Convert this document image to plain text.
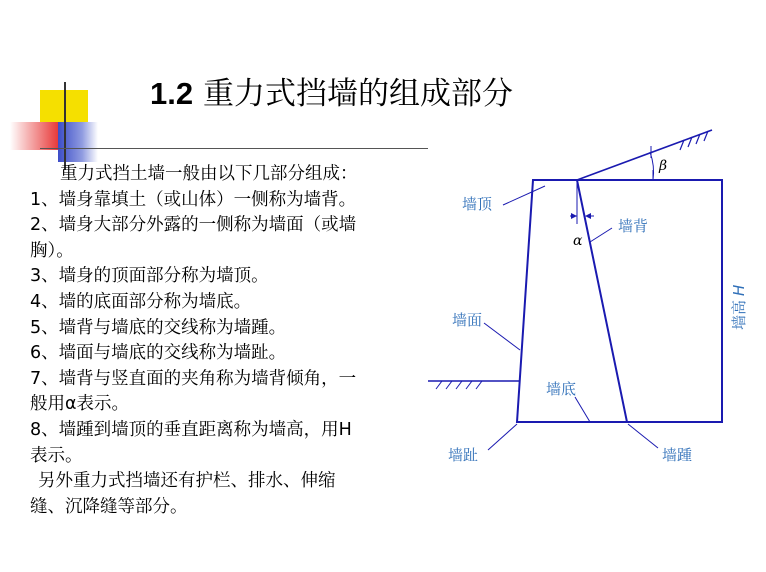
1.2 重力式挡墙的组成部分

重力式挡土墙一般由以下几部分组成：

1、墙身靠填土（或山体）一侧称为墙背。

2、墙身大部分外露的一侧称为墙面（或墙

胸）。

3、墙身的顶面部分称为墙顶。

4、墙的底面部分称为墙底。

5、墙背与墙底的交线称为墙踵。

6、墙面与墙底的交线称为墙趾。

7、墙背与竖直面的夹角称为墙背倾角，一

般用α表示。

8、墙踵到墙顶的垂直距离称为墙高，用H

表示。

另外重力式挡墙还有护栏、排水、伸缩

缝、沉降缝等部分。

β
α
墙顶
墙背
墙面
墙底
墙趾	墙踵
墙高
H
